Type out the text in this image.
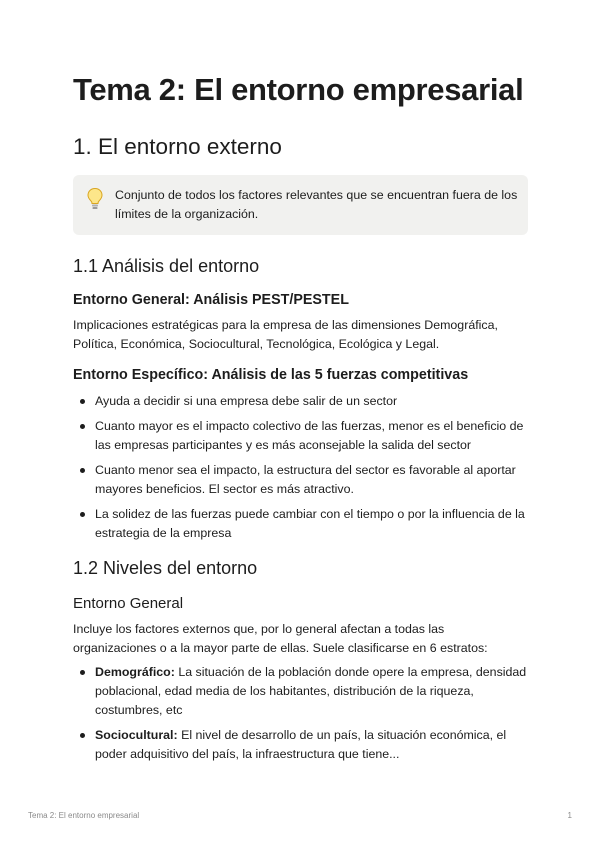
Tema 2: El entorno empresarial
1. El entorno externo
Conjunto de todos los factores relevantes que se encuentran fuera de los límites de la organización.
1.1 Análisis del entorno
Entorno General: Análisis PEST/PESTEL

Implicaciones estratégicas para la empresa de las dimensiones Demográfica, Política, Económica, Sociocultural, Tecnológica, Ecológica y Legal.

Entorno Específico: Análisis de las 5 fuerzas competitivas
Ayuda a decidir si una empresa debe salir de un sector
Cuanto mayor es el impacto colectivo de las fuerzas, menor es el beneficio de las empresas participantes y es más aconsejable la salida del sector
Cuanto menor sea el impacto, la estructura del sector es favorable al aportar mayores beneficios. El sector es más atractivo.
La solidez de las fuerzas puede cambiar con el tiempo o por la influencia de la estrategia de la empresa
1.2 Niveles del entorno
Entorno General

Incluye los factores externos que, por lo general afectan a todas las organizaciones o a la mayor parte de ellas. Suele clasificarse en 6 estratos:

Demográfico: La situación de la población donde opere la empresa, densidad poblacional, edad media de los habitantes, distribución de la riqueza, costumbres, etc
Sociocultural: El nivel de desarrollo de un país, la situación económica, el poder adquisitivo del país, la infraestructura que tiene...
Tema 2: El entorno empresarial	1
